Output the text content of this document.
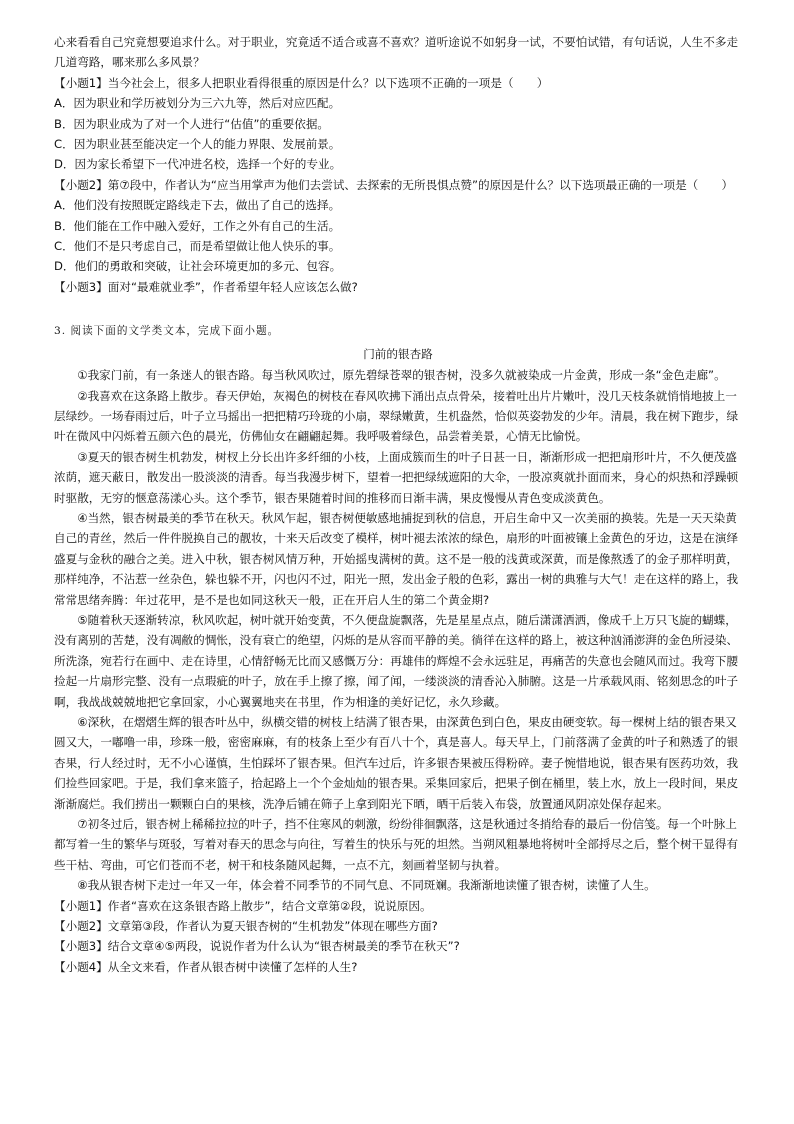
心来看看自己究竟想要追求什么。对于职业，究竟适不适合或喜不喜欢？道听途说不如躬身一试，不要怕试错，有句话说，人生不多走几道弯路，哪来那么多风景？

【小题1】当今社会上，很多人把职业看得很重的原因是什么？以下选项不正确的一项是（　　）

A．因为职业和学历被划分为三六九等，然后对应匹配。

B．因为职业成为了对一个人进行“估值”的重要依据。

C．因为职业甚至能决定一个人的能力界限、发展前景。

D．因为家长希望下一代冲进名校，选择一个好的专业。

【小题2】第⑦段中，作者认为“应当用掌声为他们去尝试、去探索的无所畏惧点赞”的原因是什么？以下选项最正确的一项是（　　）

A．他们没有按照既定路线走下去，做出了自己的选择。

B．他们能在工作中融入爱好，工作之外有自己的生活。

C．他们不是只考虑自己，而是希望做让他人快乐的事。

D．他们的勇敢和突破，让社会环境更加的多元、包容。

【小题3】面对“最难就业季”，作者希望年轻人应该怎么做?

3. 阅读下面的文学类文本，完成下面小题。

门前的银杏路

①我家门前，有一条迷人的银杏路。每当秋风吹过，原先碧绿苍翠的银杏树，没多久就被染成一片金黄，形成一条“金色走廊”。

②我喜欢在这条路上散步。春天伊始，灰褐色的树枝在春风吹拂下涌出点点骨朵，接着吐出片片嫩叶，没几天枝条就悄悄地披上一层绿纱。一场春雨过后，叶子立马摇出一把把精巧玲珑的小扇，翠绿嫩黄，生机盎然，恰似英姿勃发的少年。清晨，我在树下跑步，绿叶在微风中闪烁着五颜六色的晨光，仿佛仙女在翩翩起舞。我呼吸着绿色，品尝着美景，心情无比愉悦。

③夏天的银杏树生机勃发，树杈上分长出许多纤细的小枝，上面成簇而生的叶子日甚一日，渐渐形成一把把扇形叶片，不久便茂盛浓荫，遮天蔽日，散发出一股淡淡的清香。每当我漫步树下，望着一把把绿绒遮阳的大伞，一股凉爽就扑面而来，身心的炽热和浮躁顿时驱散，无穷的惬意荡漾心头。这个季节，银杏果随着时间的推移而日渐丰满，果皮慢慢从青色变成淡黄色。

④当然，银杏树最美的季节在秋天。秋风乍起，银杏树便敏感地捕捉到秋的信息，开启生命中又一次美丽的换装。先是一天天染黄自己的青丝，然后一件件脱换自己的靓妆，十来天后改变了模样，树叶褪去浓浓的绿色，扇形的叶面被镶上金黄色的牙边，这是在演绎盛夏与金秋的融合之美。进入中秋，银杏树风情万种，开始摇曳满树的黄。这不是一般的浅黄或深黄，而是像熬透了的金子那样明黄，那样纯净，不沾惹一丝杂色，躲也躲不开，闪也闪不过，阳光一照，发出金子般的色彩，露出一树的典雅与大气！走在这样的路上，我常常思绪奔腾：年过花甲，是不是也如同这秋天一般，正在开启人生的第二个黄金期?

⑤随着秋天逐渐转凉，秋风吹起，树叶就开始变黄，不久便盘旋飘落，先是星星点点，随后潇潇洒洒，像成千上万只飞旋的蝴蝶，没有离别的苦楚，没有凋敝的惆怅，没有衰亡的绝望，闪烁的是从容而平静的美。徜徉在这样的路上，被这种汹涌澎湃的金色所浸染、所洗涤，宛若行在画中、走在诗里，心情舒畅无比而又感慨万分：再雄伟的辉煌不会永远驻足，再痛苦的失意也会随风而过。我弯下腰捡起一片扇形完整、没有一点瑕疵的叶子，放在手上擦了擦，闻了闻，一缕淡淡的清香沁入肺腑。这是一片承载风雨、铭刻思念的叶子啊，我战战兢兢地把它拿回家，小心翼翼地夹在书里，作为相逢的美好记忆，永久珍藏。

⑥深秋，在熠熠生辉的银杏叶丛中，纵横交错的树枝上结满了银杏果，由深黄色到白色，果皮由硬变软。每一棵树上结的银杏果又圆又大，一嘟噜一串，珍珠一般，密密麻麻，有的枝条上至少有百八十个，真是喜人。每天早上，门前落满了金黄的叶子和熟透了的银杏果，行人经过时，无不小心谨慎，生怕踩坏了银杏果。但汽车过后，许多银杏果被压得粉碎。妻子惋惜地说，银杏果有医药功效，我们捡些回家吧。于是，我们拿来篮子，拾起路上一个个金灿灿的银杏果。采集回家后，把果子倒在桶里，装上水，放上一段时间，果皮渐渐腐烂。我们捞出一颗颗白白的果核，洗净后铺在筛子上拿到阳光下晒，晒干后装入布袋，放置通风阴凉处保存起来。

⑦初冬过后，银杏树上稀稀拉拉的叶子，挡不住寒风的刺激，纷纷徘徊飘落，这是秋通过冬捎给春的最后一份信笺。每一个叶脉上都写着一生的繁华与斑驳，写着对春天的思念与向往，写着生的快乐与死的坦然。当朔风粗暴地将树叶全部捋尽之后，整个树干显得有些干枯、弯曲，可它们苍而不老，树干和枝条随风起舞，一点不亢，刻画着坚韧与执着。

⑧我从银杏树下走过一年又一年，体会着不同季节的不同气息、不同斑斓。我渐渐地读懂了银杏树，读懂了人生。

【小题1】作者“喜欢在这条银杏路上散步”，结合文章第②段，说说原因。

【小题2】文章第③段，作者认为夏天银杏树的“生机勃发”体现在哪些方面?

【小题3】结合文章④⑤两段，说说作者为什么认为“银杏树最美的季节在秋天”?

【小题4】从全文来看，作者从银杏树中读懂了怎样的人生?
